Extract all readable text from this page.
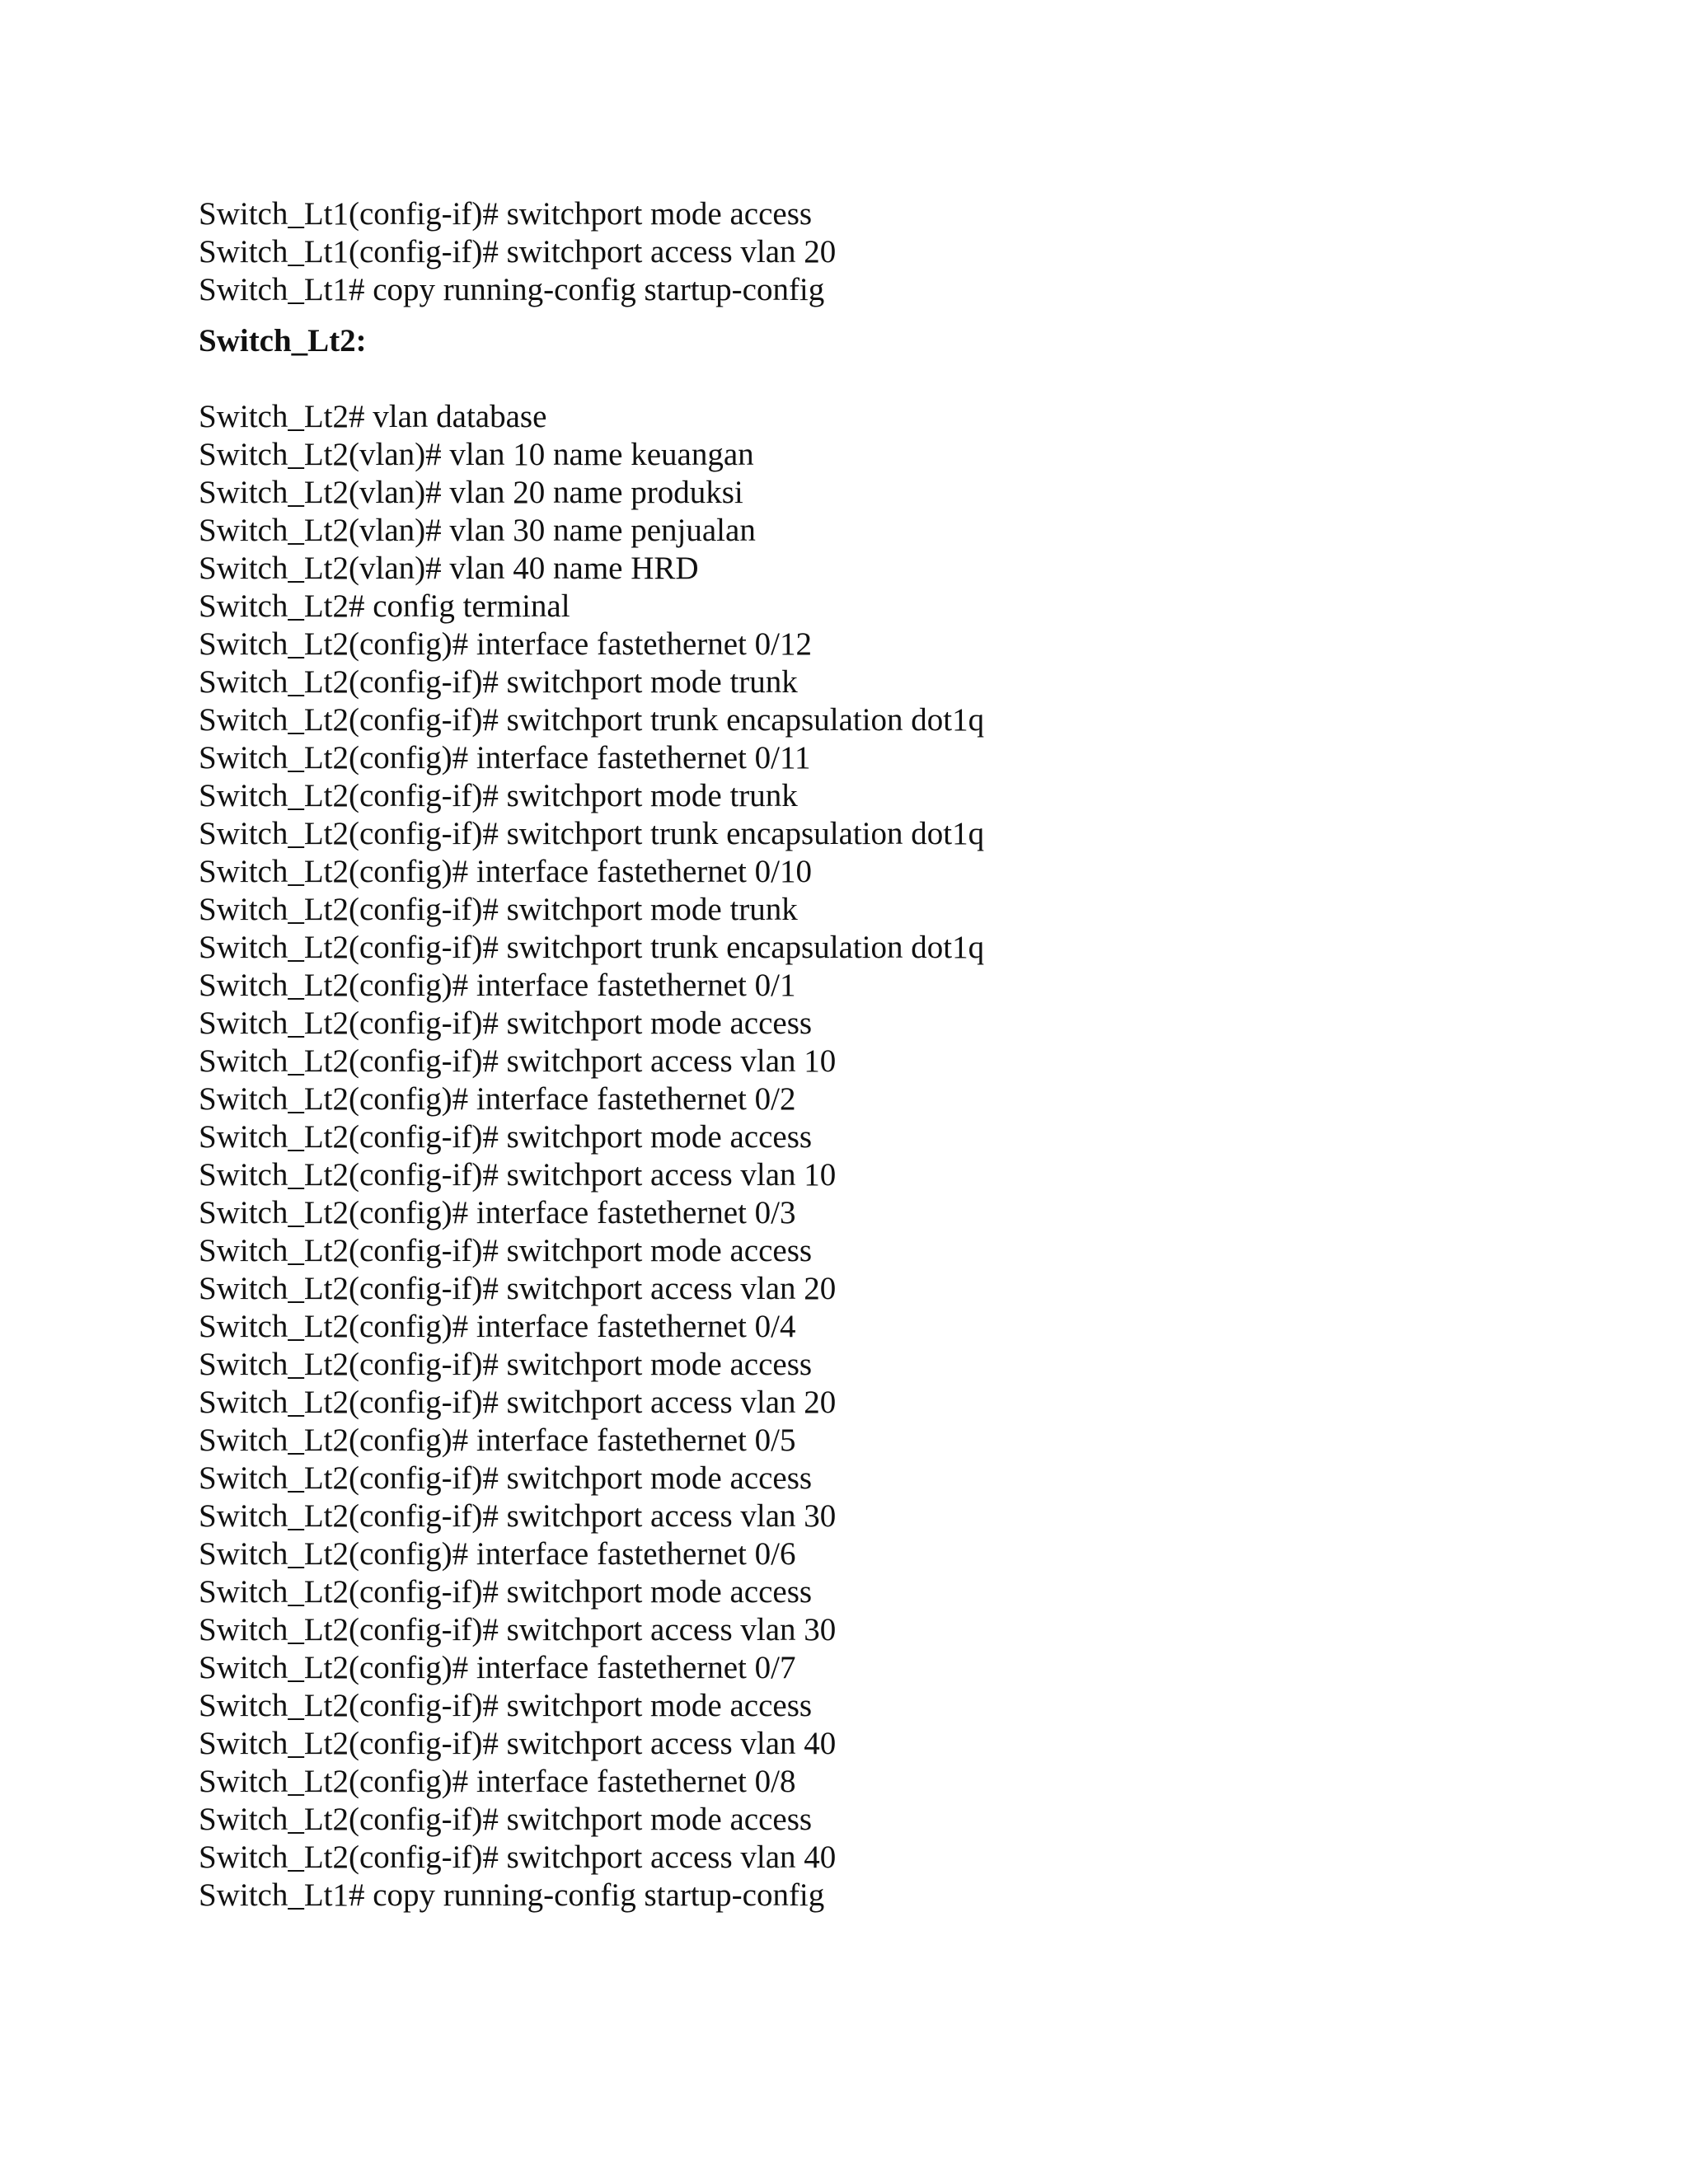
Switch_Lt1(config-if)# switchport mode access
Switch_Lt1(config-if)# switchport access vlan 20
Switch_Lt1# copy running-config startup-config
Switch_Lt2:
Switch_Lt2# vlan database
Switch_Lt2(vlan)# vlan 10 name keuangan
Switch_Lt2(vlan)# vlan 20 name produksi
Switch_Lt2(vlan)# vlan 30 name penjualan
Switch_Lt2(vlan)# vlan 40 name HRD
Switch_Lt2# config terminal
Switch_Lt2(config)# interface fastethernet 0/12
Switch_Lt2(config-if)# switchport mode trunk
Switch_Lt2(config-if)# switchport trunk encapsulation dot1q
Switch_Lt2(config)# interface fastethernet 0/11
Switch_Lt2(config-if)# switchport mode trunk
Switch_Lt2(config-if)# switchport trunk encapsulation dot1q
Switch_Lt2(config)# interface fastethernet 0/10
Switch_Lt2(config-if)# switchport mode trunk
Switch_Lt2(config-if)# switchport trunk encapsulation dot1q
Switch_Lt2(config)# interface fastethernet 0/1
Switch_Lt2(config-if)# switchport mode access
Switch_Lt2(config-if)# switchport access vlan 10
Switch_Lt2(config)# interface fastethernet 0/2
Switch_Lt2(config-if)# switchport mode access
Switch_Lt2(config-if)# switchport access vlan 10
Switch_Lt2(config)# interface fastethernet 0/3
Switch_Lt2(config-if)# switchport mode access
Switch_Lt2(config-if)# switchport access vlan 20
Switch_Lt2(config)# interface fastethernet 0/4
Switch_Lt2(config-if)# switchport mode access
Switch_Lt2(config-if)# switchport access vlan 20
Switch_Lt2(config)# interface fastethernet 0/5
Switch_Lt2(config-if)# switchport mode access
Switch_Lt2(config-if)# switchport access vlan 30
Switch_Lt2(config)# interface fastethernet 0/6
Switch_Lt2(config-if)# switchport mode access
Switch_Lt2(config-if)# switchport access vlan 30
Switch_Lt2(config)# interface fastethernet 0/7
Switch_Lt2(config-if)# switchport mode access
Switch_Lt2(config-if)# switchport access vlan 40
Switch_Lt2(config)# interface fastethernet 0/8
Switch_Lt2(config-if)# switchport mode access
Switch_Lt2(config-if)# switchport access vlan 40
Switch_Lt1# copy running-config startup-config
